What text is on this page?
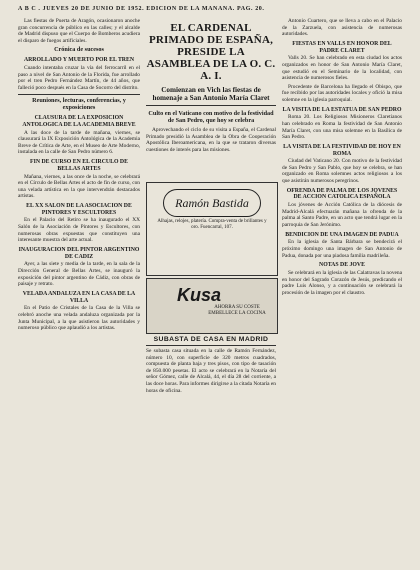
A B C . JUEVES 20 DE JUNIO DE 1952. EDICION DE LA MAÑANA. PAG. 20.

Las fiestas de Puerta de Aragón, ocasionaron anoche gran concurrencia de público en las calles; y el alcalde de Madrid dispuso que el Cuerpo de Bomberos acudiera el disparo de fuegos artificiales.

Crónica de sucesos
ARROLLADO Y MUERTO POR EL TREN

Cuando intentaba cruzar la vía del ferrocarril en el paso a nivel de San Antonio de la Florida, fue arrollado por el tren Pedro Fernández Martín, de 44 años, que falleció poco después en la Casa de Socorro del distrito.

Reuniones, lecturas, conferencias, y exposiciones
CLAUSURA DE LA EXPOSICION ANTOLOGICA DE LA ACADEMIA BREVE

A las doce de la tarde de mañana, viernes, se clausurará la IX Exposición Antológica de la Academia Breve de Crítica de Arte, en el Museo de Arte Moderno, instalada en la calle de San Pedro número 6.

FIN DE CURSO EN EL CIRCULO DE BELLAS ARTES

Mañana, viernes, a las once de la noche, se celebrará en el Círculo de Bellas Artes el acto de fin de curso, con una velada artística en la que intervendrán destacados artistas.

EL XX SALON DE LA ASOCIACION DE PINTORES Y ESCULTORES

En el Palacio del Retiro se ha inaugurado el XX Salón de la Asociación de Pintores y Escultores, con numerosas obras expuestas que constituyen una interesante muestra del arte actual.

INAUGURACION DEL PINTOR ARGENTINO DE CADIZ

Ayer, a las siete y media de la tarde, en la sala de la Dirección General de Bellas Artes, se inauguró la exposición del pintor argentino de Cádiz, con obras de paisaje y retrato.

VELADA ANDALUZA EN LA CASA DE LA VILLA

En el Patio de Cristales de la Casa de la Villa se celebró anoche una velada andaluza organizada por la Junta Municipal, a la que asistieron las autoridades y numeroso público que aplaudió a los artistas.

EL CARDENAL PRIMADO DE ESPAÑA, PRESIDE LA ASAMBLEA DE LA O. C. A. I.
Comienzan en Vich las fiestas de homenaje a San Antonio María Claret
Culto en el Vaticano con motivo de la festividad de San Pedro, que hoy se celebra

Aprovechando el ciclo de su visita a España, el Cardenal Primado presidió la Asamblea de la Obra de Cooperación Apostólica Iberoamericana, en la que se trataron diversas cuestiones de interés para las misiones.

Ramón Bastida
Alhajas, relojes, platería. Compra-venta de brillantes y oro. Fuencarral, 107.
Kusa
AHORRA SU COSTE EMBELLECE LA COCINA
SUBASTA DE CASA EN MADRID
Se subasta casa situada en la calle de Ramón Fernández, número 10, con superficie de 320 metros cuadrados, compuesta de planta baja y tres pisos, con tipo de tasación de 850.000 pesetas. El acto se celebrará en la Notaría del señor Gómez, calle de Alcalá, 44, el día 28 del corriente, a las doce horas. Para informes dirigirse a la citada Notaría en horas de oficina.

Antonio Cuartero, que se lleva a cabo en el Palacio de la Zarzuela, con asistencia de numerosas autoridades.

FIESTAS EN VALLS EN HONOR DEL PADRE CLARET

Valls 20. Se han celebrado en esta ciudad los actos organizados en honor de San Antonio María Claret, que estudió en el Seminario de la localidad, con asistencia de numerosos fieles.

Procedente de Barcelona ha llegado el Obispo, que fue recibido por las autoridades locales y ofició la misa solemne en la iglesia parroquial.

LA VISITA DE LA ESTATUA DE SAN PEDRO

Roma 20. Los Religiosos Misioneros Claretianos han celebrado en Roma la festividad de San Antonio María Claret, con una misa solemne en la Basílica de San Pedro.

LA VISITA DE LA FESTIVIDAD DE HOY EN ROMA

Ciudad del Vaticano 20. Con motivo de la festividad de San Pedro y San Pablo, que hoy se celebra, se han organizado en Roma solemnes actos religiosos a los que asistirán numerosos peregrinos.

OFRENDA DE PALMA DE LOS JOVENES DE ACCION CATOLICA ESPAÑOLA

Los jóvenes de Acción Católica de la diócesis de Madrid-Alcalá efectuarán mañana la ofrenda de la palma al Santo Padre, en un acto que tendrá lugar en la parroquia de San Jerónimo.

BENDICION DE UNA IMAGEN DE PADUA

En la iglesia de Santa Bárbara se bendecirá el próximo domingo una imagen de San Antonio de Padua, donada por una piadosa familia madrileña.

NOTAS DE JOVE

Se celebrará en la iglesia de las Calatravas la novena en honor del Sagrado Corazón de Jesús, predicando el padre Luis Alonso, y a continuación se celebrará la procesión de la imagen por el claustro.
